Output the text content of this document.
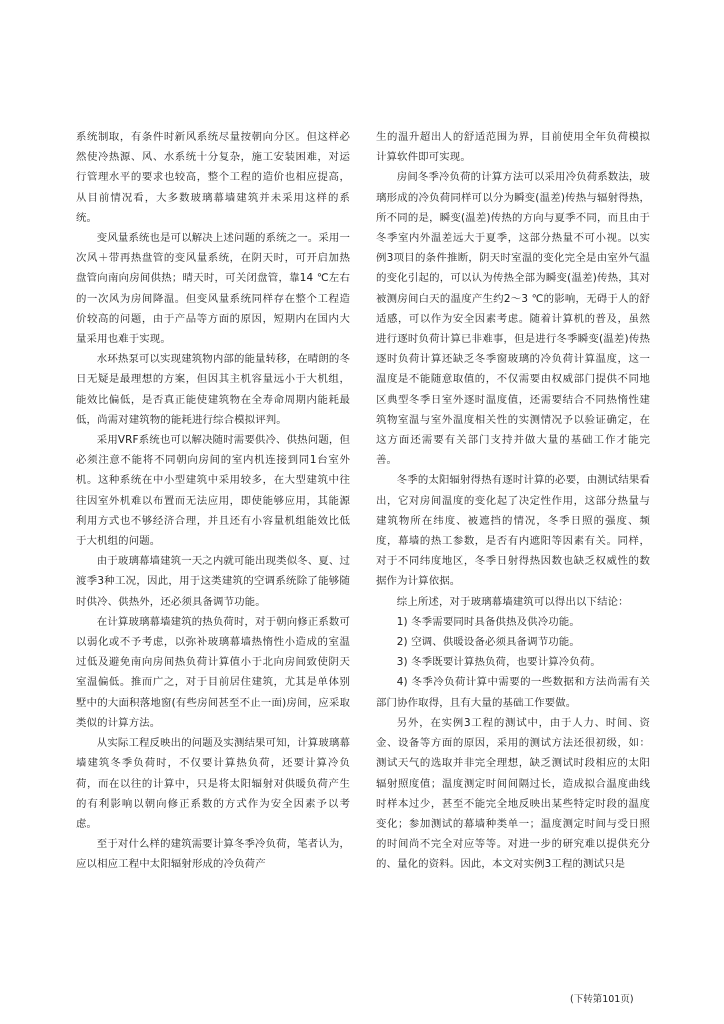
系统制取，有条件时新风系统尽量按朝向分区。但这样必然使冷热源、风、水系统十分复杂，施工安装困难，对运行管理水平的要求也较高，整个工程的造价也相应提高，从目前情况看，大多数玻璃幕墙建筑并未采用这样的系统。

变风量系统也是可以解决上述问题的系统之一。采用一次风＋带再热盘管的变风量系统，在阴天时，可开启加热盘管向南向房间供热；晴天时，可关闭盘管，靠14 ℃左右的一次风为房间降温。但变风量系统同样存在整个工程造价较高的问题，由于产品等方面的原因，短期内在国内大量采用也难于实现。

水环热泵可以实现建筑物内部的能量转移，在晴朗的冬日无疑是最理想的方案，但因其主机容量远小于大机组，能效比偏低，是否真正能使建筑物在全寿命周期内能耗最低，尚需对建筑物的能耗进行综合模拟评判。

采用VRF系统也可以解决随时需要供冷、供热问题，但必须注意不能将不同朝向房间的室内机连接到同1台室外机。这种系统在中小型建筑中采用较多，在大型建筑中往往因室外机难以布置而无法应用，即使能够应用，其能源利用方式也不够经济合理，并且还有小容量机组能效比低于大机组的问题。

由于玻璃幕墙建筑一天之内就可能出现类似冬、夏、过渡季3种工况，因此，用于这类建筑的空调系统除了能够随时供冷、供热外，还必须具备调节功能。

在计算玻璃幕墙建筑的热负荷时，对于朝向修正系数可以弱化或不予考虑，以弥补玻璃幕墙热惰性小造成的室温过低及避免南向房间热负荷计算值小于北向房间致使阴天室温偏低。推而广之，对于目前居住建筑，尤其是单体别墅中的大面积落地窗(有些房间甚至不止一面)房间，应采取类似的计算方法。

从实际工程反映出的问题及实测结果可知，计算玻璃幕墙建筑冬季负荷时，不仅要计算热负荷，还要计算冷负荷，而在以往的计算中，只是将太阳辐射对供暖负荷产生的有利影响以朝向修正系数的方式作为安全因素予以考虑。

至于对什么样的建筑需要计算冬季冷负荷，笔者认为，应以相应工程中太阳辐射形成的冷负荷产

生的温升超出人的舒适范围为界，目前使用全年负荷模拟计算软件即可实现。

房间冬季冷负荷的计算方法可以采用冷负荷系数法，玻璃形成的冷负荷同样可以分为瞬变(温差)传热与辐射得热，所不同的是，瞬变(温差)传热的方向与夏季不同，而且由于冬季室内外温差远大于夏季，这部分热量不可小视。以实例3项目的条件推断，阴天时室温的变化完全是由室外气温的变化引起的，可以认为传热全部为瞬变(温差)传热，其对被测房间白天的温度产生约2～3 ℃的影响，无碍于人的舒适感，可以作为安全因素考虑。随着计算机的普及，虽然进行逐时负荷计算已非难事，但是进行冬季瞬变(温差)传热逐时负荷计算还缺乏冬季窗玻璃的冷负荷计算温度，这一温度是不能随意取值的，不仅需要由权威部门提供不同地区典型冬季日室外逐时温度值，还需要结合不同热惰性建筑物室温与室外温度相关性的实测情况予以验证确定，在这方面还需要有关部门支持并做大量的基础工作才能完善。

冬季的太阳辐射得热有逐时计算的必要，由测试结果看出，它对房间温度的变化起了决定性作用，这部分热量与建筑物所在纬度、被遮挡的情况，冬季日照的强度、频度，幕墙的热工参数，是否有内遮阳等因素有关。同样，对于不同纬度地区，冬季日射得热因数也缺乏权威性的数据作为计算依据。

综上所述，对于玻璃幕墙建筑可以得出以下结论：

1) 冬季需要同时具备供热及供冷功能。

2) 空调、供暖设备必须具备调节功能。

3) 冬季既要计算热负荷，也要计算冷负荷。

4) 冬季冷负荷计算中需要的一些数据和方法尚需有关部门协作取得，且有大量的基础工作要做。

另外，在实例3工程的测试中，由于人力、时间、资金、设备等方面的原因，采用的测试方法还很初级，如：测试天气的选取并非完全理想，缺乏测试时段相应的太阳辐射照度值；温度测定时间间隔过长，造成拟合温度曲线时样本过少，甚至不能完全地反映出某些特定时段的温度变化；参加测试的幕墙种类单一；温度测定时间与受日照的时间尚不完全对应等等。对进一步的研究难以提供充分的、量化的资料。因此，本文对实例3工程的测试只是

(下转第101页)
